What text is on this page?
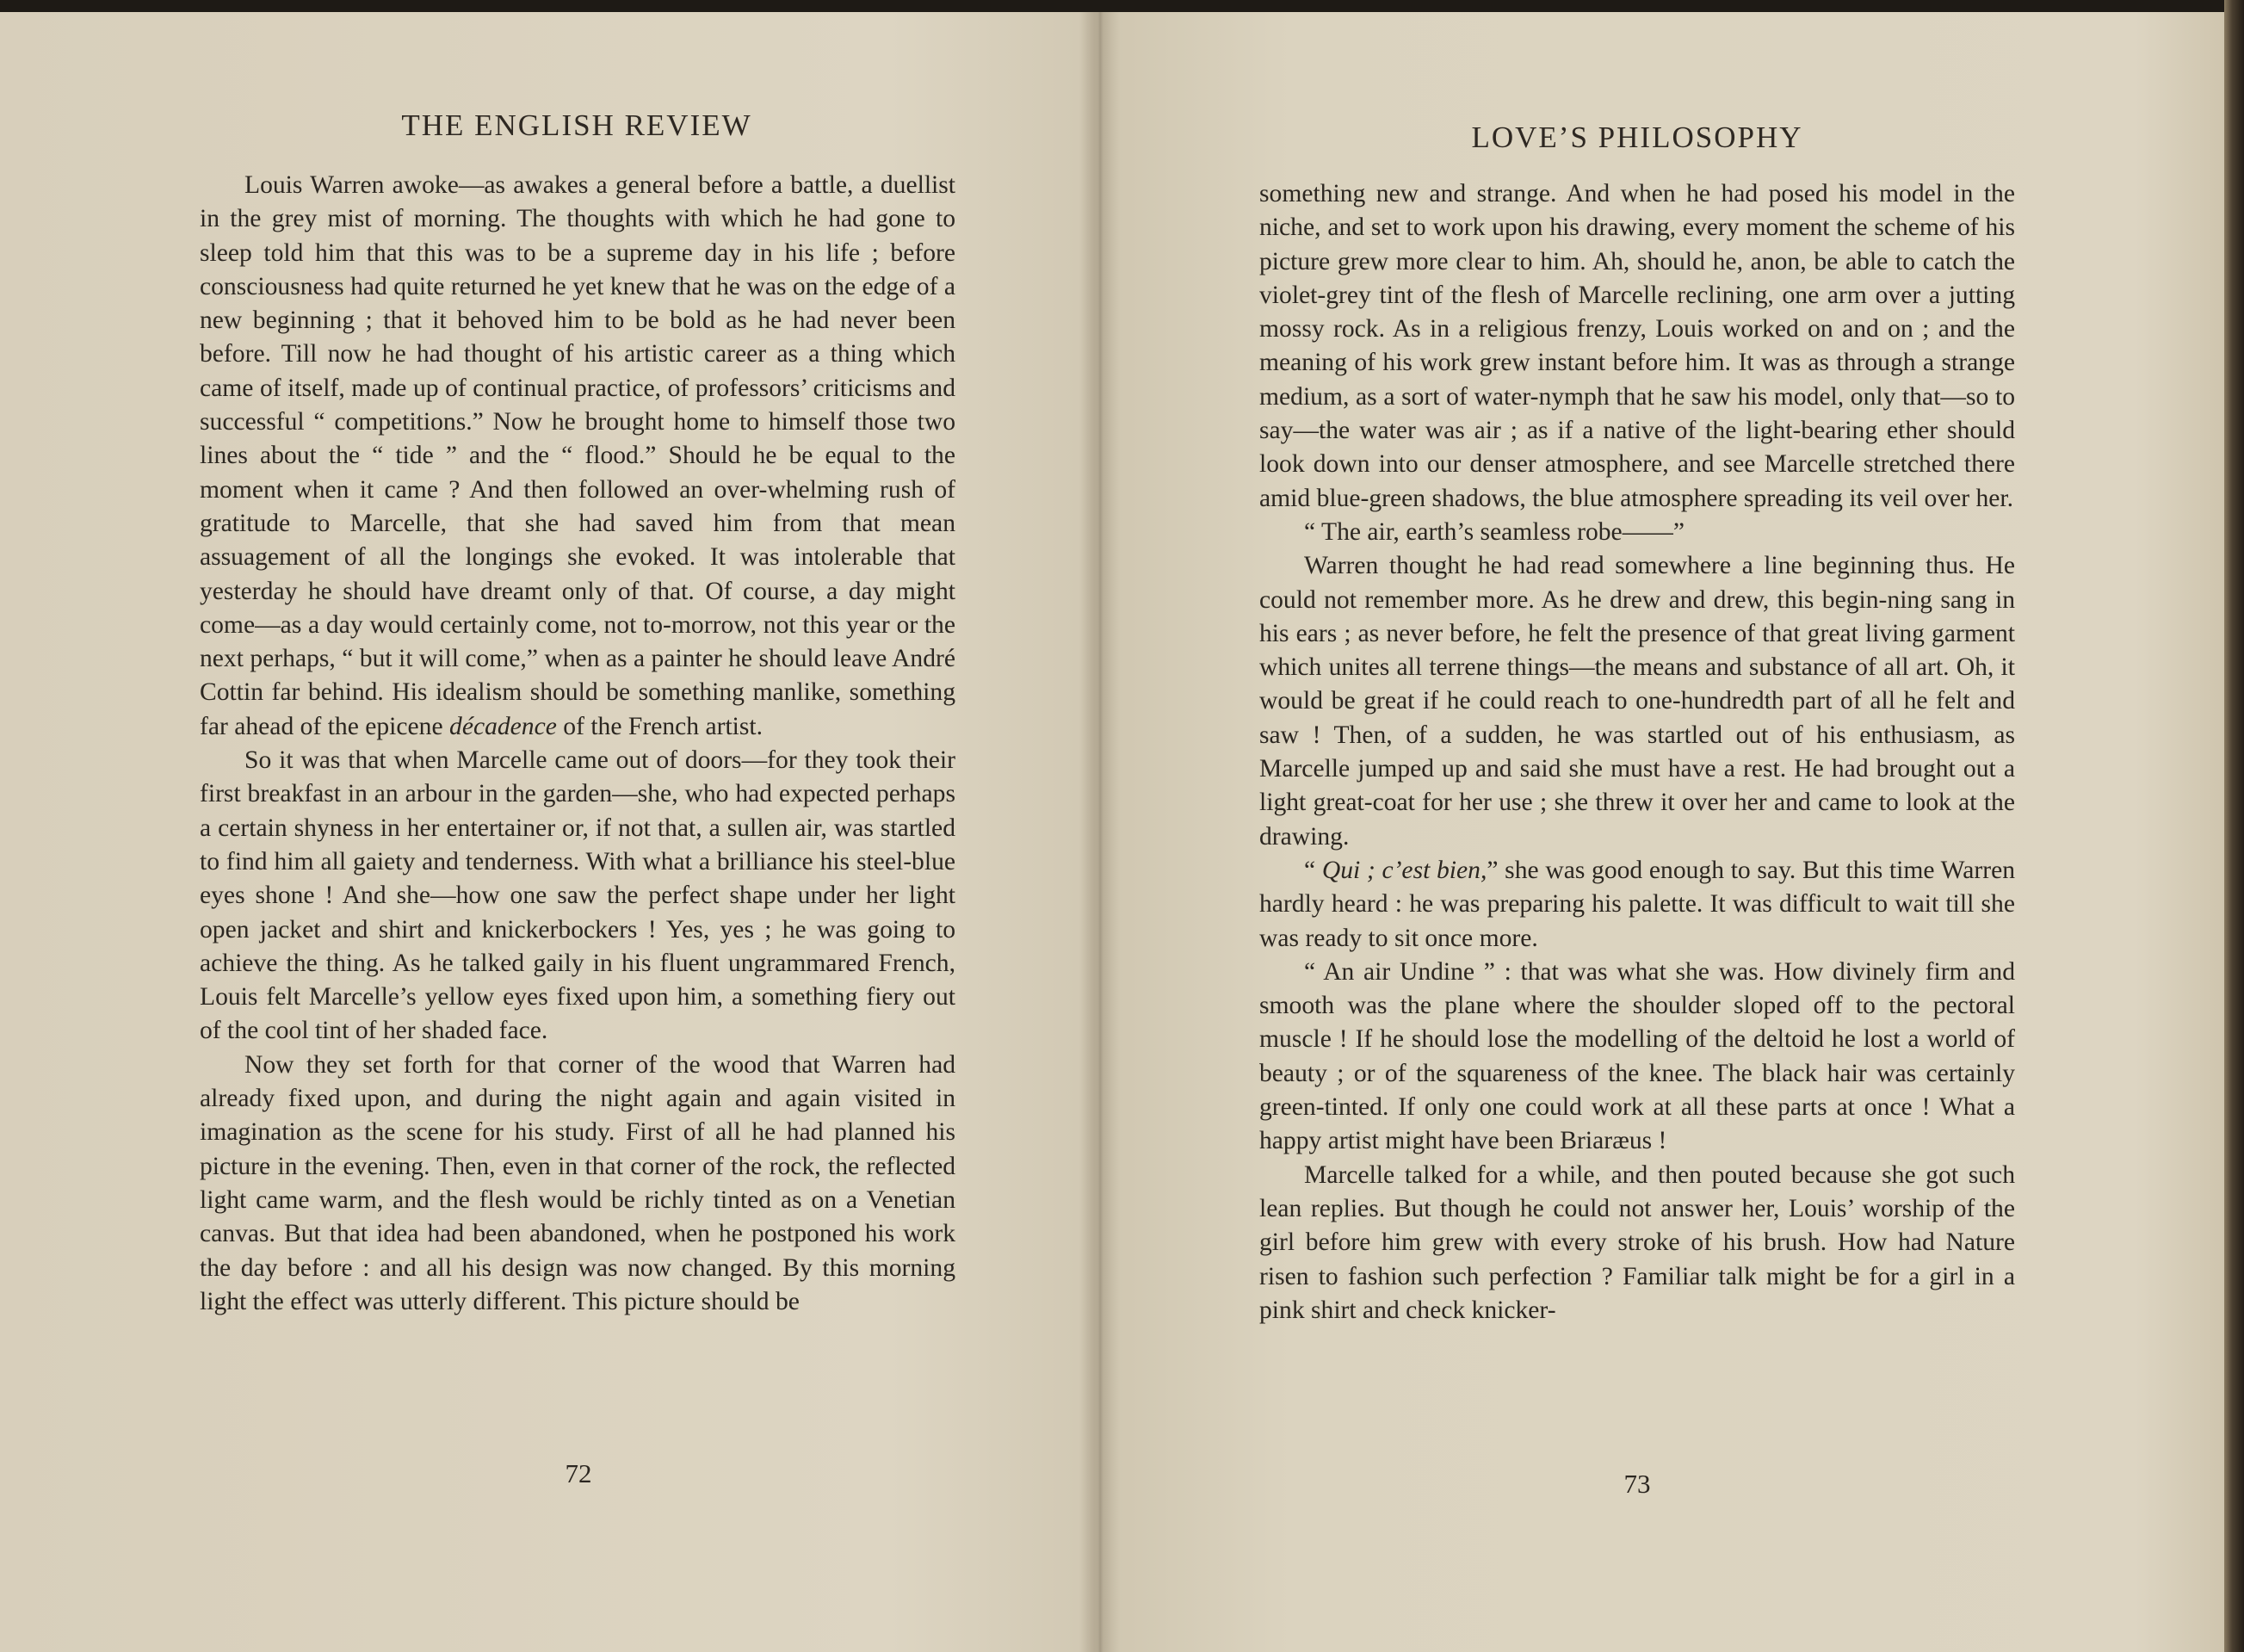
THE ENGLISH REVIEW

Louis Warren awoke—as awakes a general before a battle, a duellist in the grey mist of morning. The thoughts with which he had gone to sleep told him that this was to be a supreme day in his life ; before consciousness had quite returned he yet knew that he was on the edge of a new beginning ; that it behoved him to be bold as he had never been before. Till now he had thought of his artistic career as a thing which came of itself, made up of continual practice, of professors’ criticisms and successful “ competitions.” Now he brought home to himself those two lines about the “ tide ” and the “ flood.” Should he be equal to the moment when it came ? And then followed an over-whelming rush of gratitude to Marcelle, that she had saved him from that mean assuagement of all the longings she evoked. It was intolerable that yesterday he should have dreamt only of that. Of course, a day might come—as a day would certainly come, not to-morrow, not this year or the next perhaps, “ but it will come,” when as a painter he should leave André Cottin far behind. His idealism should be something manlike, something far ahead of the epicene décadence of the French artist.

So it was that when Marcelle came out of doors—for they took their first breakfast in an arbour in the garden—she, who had expected perhaps a certain shyness in her entertainer or, if not that, a sullen air, was startled to find him all gaiety and tenderness. With what a brilliance his steel-blue eyes shone ! And she—how one saw the perfect shape under her light open jacket and shirt and knickerbockers ! Yes, yes ; he was going to achieve the thing. As he talked gaily in his fluent ungrammared French, Louis felt Marcelle’s yellow eyes fixed upon him, a something fiery out of the cool tint of her shaded face.

Now they set forth for that corner of the wood that Warren had already fixed upon, and during the night again and again visited in imagination as the scene for his study. First of all he had planned his picture in the evening. Then, even in that corner of the rock, the reflected light came warm, and the flesh would be richly tinted as on a Venetian canvas. But that idea had been abandoned, when he postponed his work the day before : and all his design was now changed. By this morning light the effect was utterly different. This picture should be

72
LOVE’S PHILOSOPHY

something new and strange. And when he had posed his model in the niche, and set to work upon his drawing, every moment the scheme of his picture grew more clear to him. Ah, should he, anon, be able to catch the violet-grey tint of the flesh of Marcelle reclining, one arm over a jutting mossy rock. As in a religious frenzy, Louis worked on and on ; and the meaning of his work grew instant before him. It was as through a strange medium, as a sort of water-nymph that he saw his model, only that—so to say—the water was air ; as if a native of the light-bearing ether should look down into our denser atmosphere, and see Marcelle stretched there amid blue-green shadows, the blue atmosphere spreading its veil over her.

“ The air, earth’s seamless robe——”

Warren thought he had read somewhere a line beginning thus. He could not remember more. As he drew and drew, this begin-ning sang in his ears ; as never before, he felt the presence of that great living garment which unites all terrene things—the means and substance of all art. Oh, it would be great if he could reach to one-hundredth part of all he felt and saw ! Then, of a sudden, he was startled out of his enthusiasm, as Marcelle jumped up and said she must have a rest. He had brought out a light great-coat for her use ; she threw it over her and came to look at the drawing.

“ Qui ; c’est bien,” she was good enough to say. But this time Warren hardly heard : he was preparing his palette. It was difficult to wait till she was ready to sit once more.

“ An air Undine ” : that was what she was. How divinely firm and smooth was the plane where the shoulder sloped off to the pectoral muscle ! If he should lose the modelling of the deltoid he lost a world of beauty ; or of the squareness of the knee. The black hair was certainly green-tinted. If only one could work at all these parts at once ! What a happy artist might have been Briaræus !

Marcelle talked for a while, and then pouted because she got such lean replies. But though he could not answer her, Louis’ worship of the girl before him grew with every stroke of his brush. How had Nature risen to fashion such perfection ? Familiar talk might be for a girl in a pink shirt and check knicker-

73
